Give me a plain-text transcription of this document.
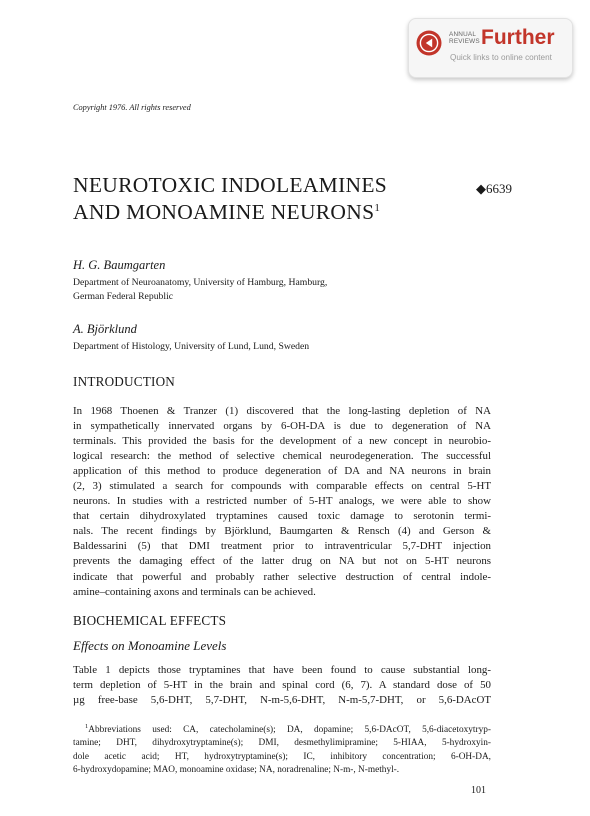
ANNUAL
REVIEWS Further
Quick links to online content
Copyright 1976. All rights reserved
NEUROTOXIC INDOLEAMINES
AND MONOAMINE NEURONS$^1$
◆6639
H. G. Baumgarten
Department of Neuroanatomy, University of Hamburg, Hamburg,
German Federal Republic
A. Björklund
Department of Histology, University of Lund, Lund, Sweden
INTRODUCTION
In 1968 Thoenen & Tranzer (1) discovered that the long-lasting depletion of NA
in sympathetically innervated organs by 6-OH-DA is due to degeneration of NA
terminals. This provided the basis for the development of a new concept in neurobio-
logical research: the method of selective chemical neurodegeneration. The successful
application of this method to produce degeneration of DA and NA neurons in brain
(2, 3) stimulated a search for compounds with comparable effects on central 5-HT
neurons. In studies with a restricted number of 5-HT analogs, we were able to show
that certain dihydroxylated tryptamines caused toxic damage to serotonin termi-
nals. The recent findings by Björklund, Baumgarten & Rensch (4) and Gerson &
Baldessarini (5) that DMI treatment prior to intraventricular 5,7-DHT injection
prevents the damaging effect of the latter drug on NA but not on 5-HT neurons
indicate that powerful and probably rather selective destruction of central indole-
amine–containing axons and terminals can be achieved.
BIOCHEMICAL EFFECTS
Effects on Monoamine Levels
Table 1 depicts those tryptamines that have been found to cause substantial long-
term depletion of 5-HT in the brain and spinal cord (6, 7). A standard dose of 50
µg free-base 5,6-DHT, 5,7-DHT, N-m-5,6-DHT, N-m-5,7-DHT, or 5,6-DAcOT
$^1$Abbreviations used: CA, catecholamine(s); DA, dopamine; 5,6-DAcOT, 5,6-diacetoxytryp-
tamine; DHT, dihydroxytryptamine(s); DMI, desmethylimipramine; 5-HIAA, 5-hydroxyin-
dole acetic acid; HT, hydroxytryptamine(s); IC, inhibitory concentration; 6-OH-DA,
6-hydroxydopamine; MAO, monoamine oxidase; NA, noradrenaline; N-m-, N-methyl-.
101
